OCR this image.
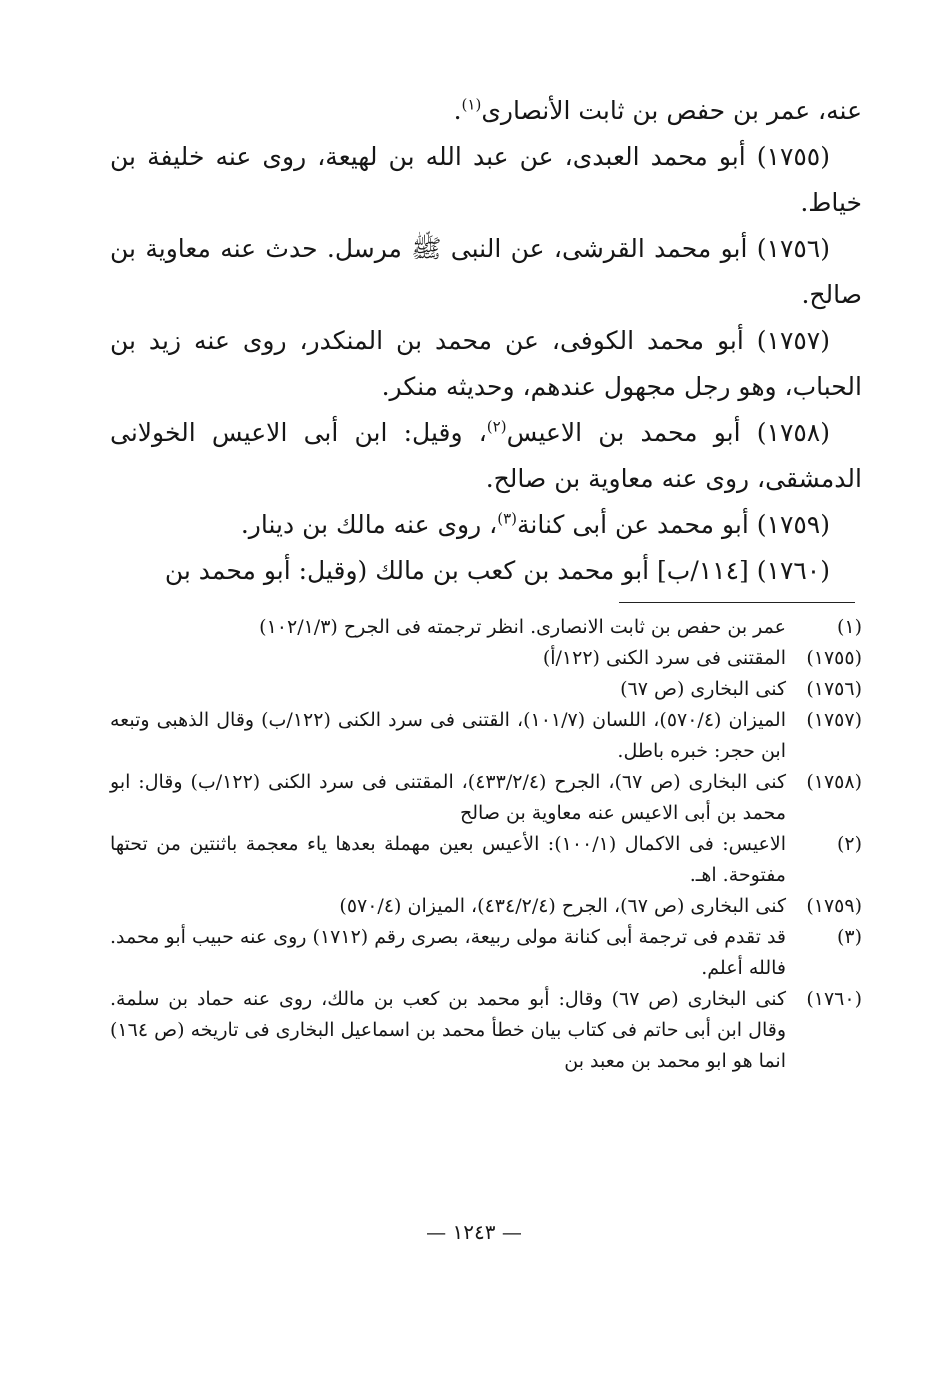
عنه، عمر بن حفص بن ثابت الأنصارى$^{(١)}$.

(١٧٥٥) أبو محمد العبدى، عن عبد الله بن لهيعة، روى عنه خليفة بن خياط.

(١٧٥٦) أبو محمد القرشى، عن النبى ﷺ مرسل. حدث عنه معاوية بن صالح.

(١٧٥٧) أبو محمد الكوفى، عن محمد بن المنكدر، روى عنه زيد بن الحباب، وهو رجل مجهول عندهم، وحديثه منكر.

(١٧٥٨) أبو محمد بن الاعيس$^{(٢)}$، وقيل: ابن أبى الاعيس الخولانى الدمشقى، روى عنه معاوية بن صالح.

(١٧٥٩) أبو محمد عن أبى كنانة$^{(٣)}$، روى عنه مالك بن دينار.

(١٧٦٠) [١١٤/ب] أبو محمد بن كعب بن مالك (وقيل: أبو محمد بن

(١)
عمر بن حفص بن ثابت الانصارى. انظر ترجمته فى الجرح (١٠٢/١/٣)
(١٧٥٥)
المقتنى فى سرد الكنى (١٢٢/أ)
(١٧٥٦)
كنى البخارى (ص ٦٧)
(١٧٥٧)
الميزان (٥٧٠/٤)، اللسان (١٠١/٧)، القتنى فى سرد الكنى (١٢٢/ب) وقال الذهبى وتبعه ابن حجر: خبره باطل.
(١٧٥٨)
كنى البخارى (ص ٦٧)، الجرح (٤٣٣/٢/٤)، المقتنى فى سرد الكنى (١٢٢/ب) وقال: ابو محمد بن أبى الاعيس عنه معاوية بن صالح
(٢)
الاعيس: فى الاكمال (١٠٠/١): الأعيس بعين مهملة بعدها ياء معجمة باثنتين من تحتها مفتوحة. اهـ.
(١٧٥٩)
كنى البخارى (ص ٦٧)، الجرح (٤٣٤/٢/٤)، الميزان (٥٧٠/٤)
(٣)
قد تقدم فى ترجمة أبى كنانة مولى ربيعة، بصرى رقم (١٧١٢) روى عنه حبيب أبو محمد. فالله أعلم.
(١٧٦٠)
كنى البخارى (ص ٦٧) وقال: أبو محمد بن كعب بن مالك، روى عنه حماد بن سلمة. وقال ابن أبى حاتم فى كتاب بيان خطأ محمد بن اسماعيل البخارى فى تاريخه (ص ١٦٤) انما هو ابو محمد بن معبد بن
— ١٢٤٣ —
